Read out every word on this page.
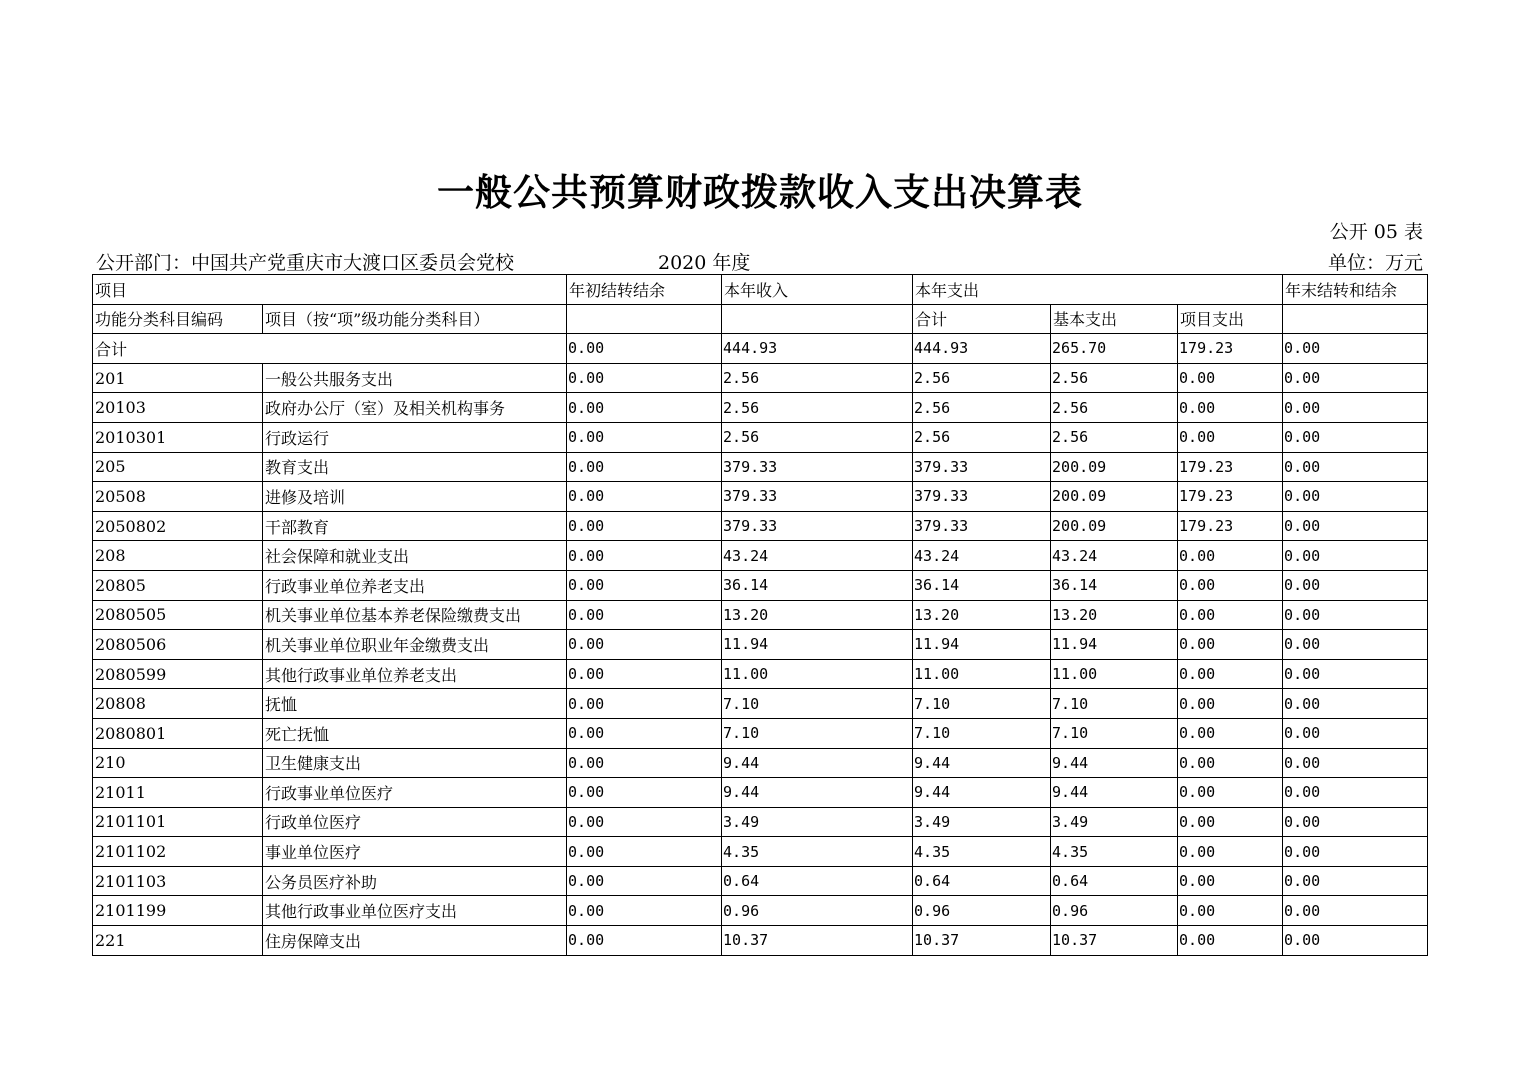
一般公共预算财政拨款收入支出决算表
公开 05 表
公开部门：中国共产党重庆市大渡口区委员会党校	2020 年度	单位：万元
项目		年初结转结余	本年收入	本年支出			年末结转和结余
功能分类科目编码	项目（按“项”级功能分类科目）			合计	基本支出	项目支出	
合计		0.00	444.93	444.93	265.70	179.23	0.00
201	一般公共服务支出	0.00	2.56	2.56	2.56	0.00	0.00
20103	政府办公厅（室）及相关机构事务	0.00	2.56	2.56	2.56	0.00	0.00
2010301	行政运行	0.00	2.56	2.56	2.56	0.00	0.00
205	教育支出	0.00	379.33	379.33	200.09	179.23	0.00
20508	进修及培训	0.00	379.33	379.33	200.09	179.23	0.00
2050802	干部教育	0.00	379.33	379.33	200.09	179.23	0.00
208	社会保障和就业支出	0.00	43.24	43.24	43.24	0.00	0.00
20805	行政事业单位养老支出	0.00	36.14	36.14	36.14	0.00	0.00
2080505	机关事业单位基本养老保险缴费支出	0.00	13.20	13.20	13.20	0.00	0.00
2080506	机关事业单位职业年金缴费支出	0.00	11.94	11.94	11.94	0.00	0.00
2080599	其他行政事业单位养老支出	0.00	11.00	11.00	11.00	0.00	0.00
20808	抚恤	0.00	7.10	7.10	7.10	0.00	0.00
2080801	死亡抚恤	0.00	7.10	7.10	7.10	0.00	0.00
210	卫生健康支出	0.00	9.44	9.44	9.44	0.00	0.00
21011	行政事业单位医疗	0.00	9.44	9.44	9.44	0.00	0.00
2101101	行政单位医疗	0.00	3.49	3.49	3.49	0.00	0.00
2101102	事业单位医疗	0.00	4.35	4.35	4.35	0.00	0.00
2101103	公务员医疗补助	0.00	0.64	0.64	0.64	0.00	0.00
2101199	其他行政事业单位医疗支出	0.00	0.96	0.96	0.96	0.00	0.00
221	住房保障支出	0.00	10.37	10.37	10.37	0.00	0.00
